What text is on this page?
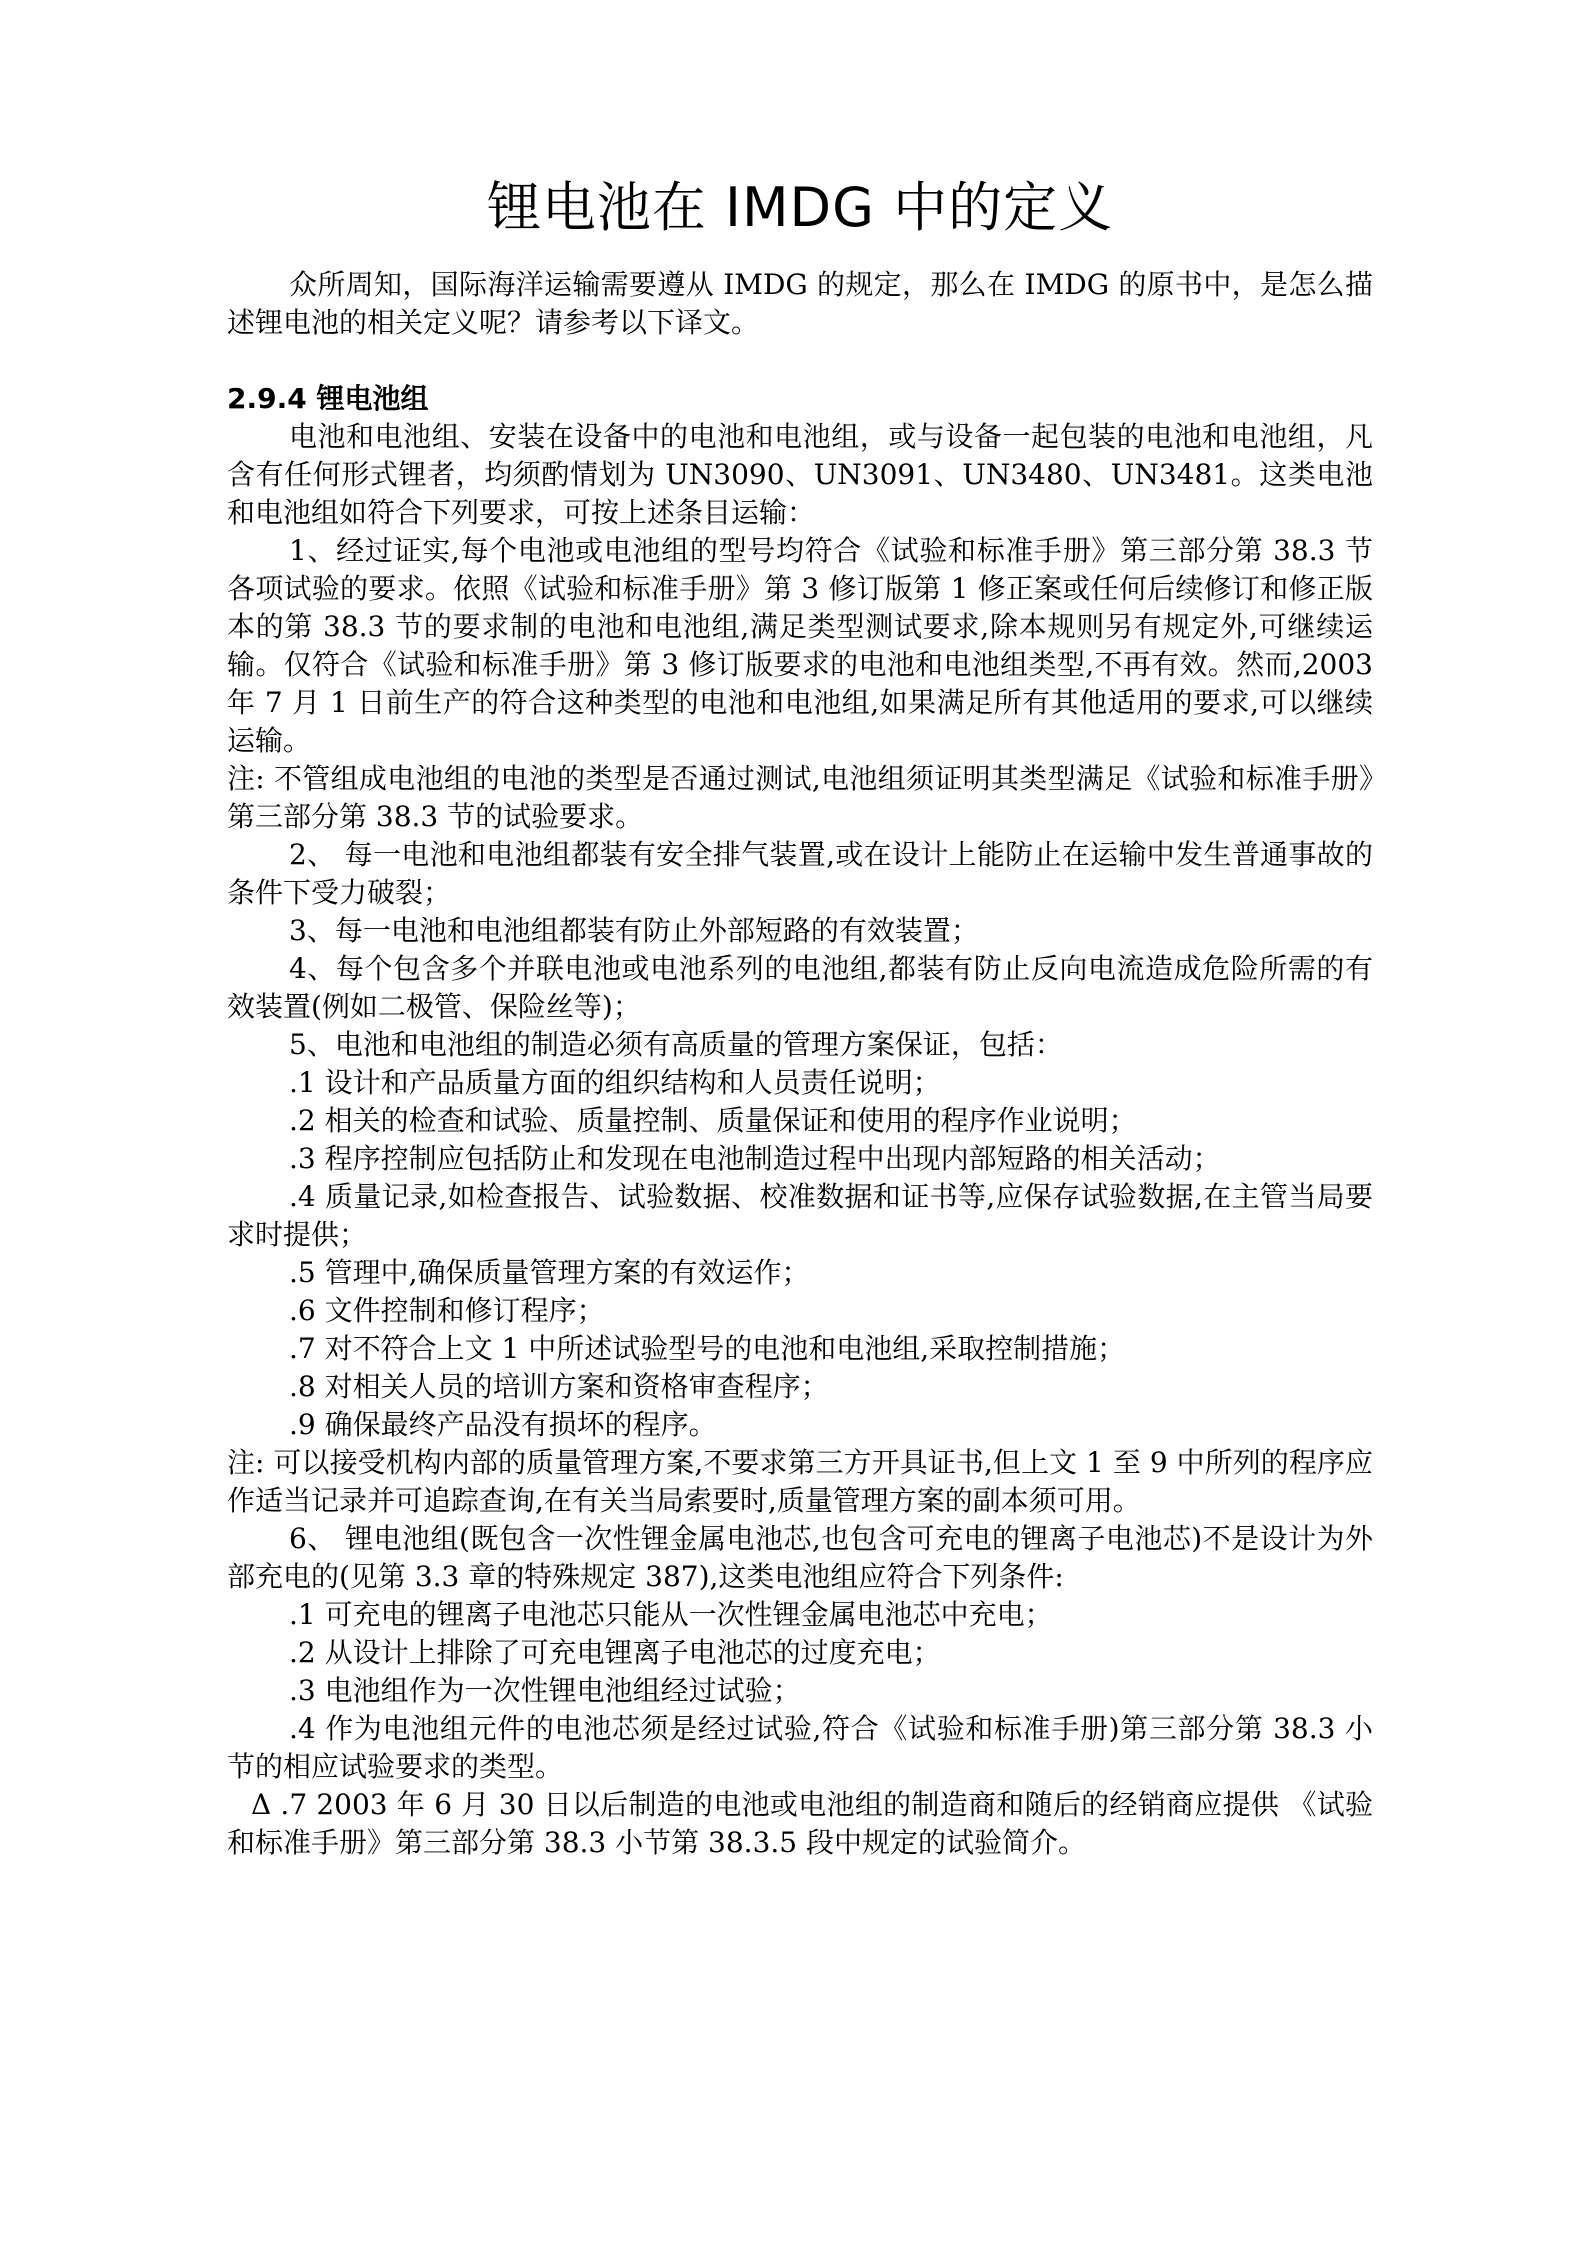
锂电池在 IMDG 中的定义

众所周知，国际海洋运输需要遵从 IMDG 的规定，那么在 IMDG 的原书中，是怎么描述锂电池的相关定义呢？请参考以下译文。

2.9.4 锂电池组

电池和电池组、安装在设备中的电池和电池组，或与设备一起包装的电池和电池组，凡含有任何形式锂者，均须酌情划为 UN3090、UN3091、UN3480、UN3481。这类电池和电池组如符合下列要求，可按上述条目运输：

1、经过证实,每个电池或电池组的型号均符合《试验和标准手册》第三部分第 38.3 节各项试验的要求。依照《试验和标准手册》第 3 修订版第 1 修正案或任何后续修订和修正版本的第 38.3 节的要求制的电池和电池组,满足类型测试要求,除本规则另有规定外,可继续运输。仅符合《试验和标准手册》第 3 修订版要求的电池和电池组类型,不再有效。然而,2003 年 7 月 1 日前生产的符合这种类型的电池和电池组,如果满足所有其他适用的要求,可以继续运输。

注: 不管组成电池组的电池的类型是否通过测试,电池组须证明其类型满足《试验和标准手册》第三部分第 38.3 节的试验要求。

2、 每一电池和电池组都装有安全排气装置,或在设计上能防止在运输中发生普通事故的条件下受力破裂；

3、每一电池和电池组都装有防止外部短路的有效装置；

4、每个包含多个并联电池或电池系列的电池组,都装有防止反向电流造成危险所需的有效装置(例如二极管、保险丝等)；

5、电池和电池组的制造必须有高质量的管理方案保证，包括：

.1 设计和产品质量方面的组织结构和人员责任说明；

.2 相关的检查和试验、质量控制、质量保证和使用的程序作业说明；

.3 程序控制应包括防止和发现在电池制造过程中出现内部短路的相关活动；

.4 质量记录,如检查报告、试验数据、校准数据和证书等,应保存试验数据,在主管当局要求时提供；

.5 管理中,确保质量管理方案的有效运作；

.6 文件控制和修订程序；

.7 对不符合上文 1 中所述试验型号的电池和电池组,采取控制措施；

.8 对相关人员的培训方案和资格审查程序；

.9 确保最终产品没有损坏的程序。

注: 可以接受机构内部的质量管理方案,不要求第三方开具证书,但上文 1 至 9 中所列的程序应作适当记录并可追踪查询,在有关当局索要时,质量管理方案的副本须可用。

6、 锂电池组(既包含一次性锂金属电池芯,也包含可充电的锂离子电池芯)不是设计为外部充电的(见第 3.3 章的特殊规定 387),这类电池组应符合下列条件:

.1 可充电的锂离子电池芯只能从一次性锂金属电池芯中充电；

.2 从设计上排除了可充电锂离子电池芯的过度充电；

.3 电池组作为一次性锂电池组经过试验；

.4 作为电池组元件的电池芯须是经过试验,符合《试验和标准手册)第三部分第 38.3 小节的相应试验要求的类型。

Δ .7 2003 年 6 月 30 日以后制造的电池或电池组的制造商和随后的经销商应提供 《试验和标准手册》第三部分第 38.3 小节第 38.3.5 段中规定的试验简介。
